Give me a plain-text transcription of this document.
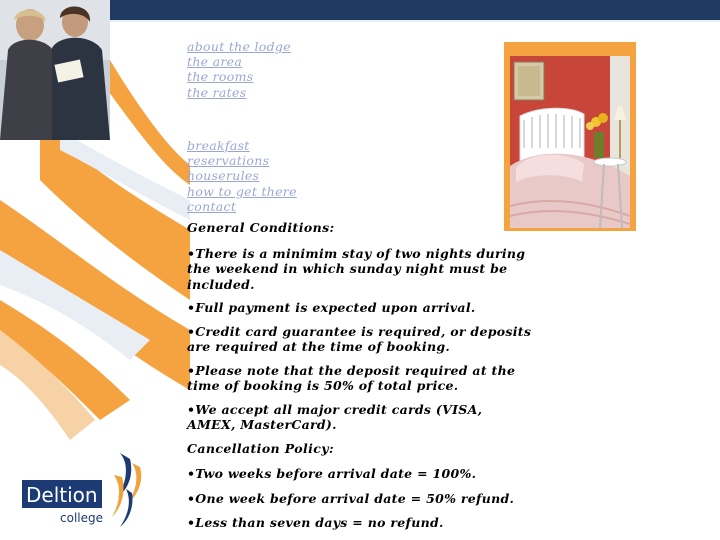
about the lodge
the area
the rooms
the rates
breakfast
reservations
houserules
how to get there
contact

General Conditions:

•There is a minimim stay of two nights during the weekend in which sunday night must be included.

•Full payment is expected upon arrival.

•Credit card guarantee is required, or deposits are required at the time of booking.

•Please note that the deposit required at the time of booking is 50% of total price.

•We accept all major credit cards (VISA, AMEX, MasterCard).

Cancellation Policy:

•Two weeks before arrival date = 100%.

•One week before arrival date = 50% refund.

•Less than seven days = no refund.

Deltion
college
